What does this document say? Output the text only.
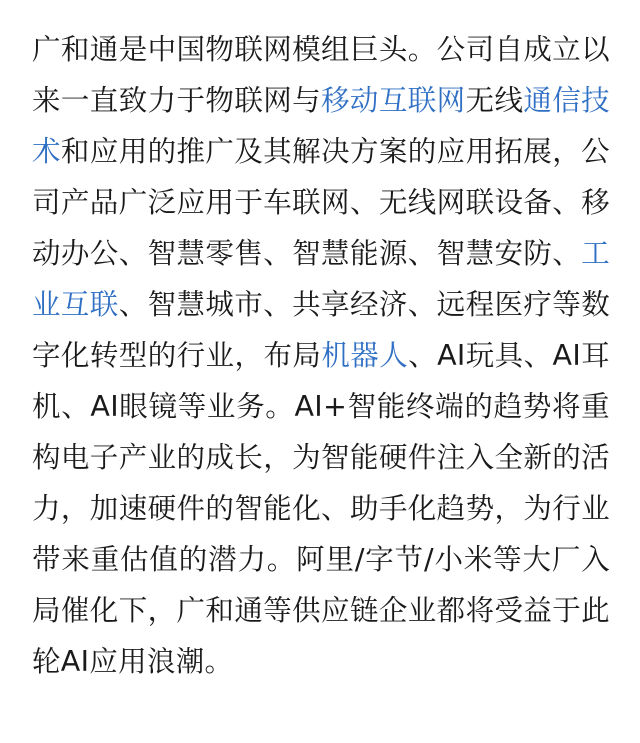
广和通是中国物联网模组巨头。公司自成立以来一直致力于物联网与移动互联网无线通信技术和应用的推广及其解决方案的应用拓展，公司产品广泛应用于车联网、无线网联设备、移动办公、智慧零售、智慧能源、智慧安防、工业互联、智慧城市、共享经济、远程医疗等数字化转型的行业，布局机器人、AI玩具、AI耳机、AI眼镜等业务。AI+智能终端的趋势将重构电子产业的成长，为智能硬件注入全新的活力，加速硬件的智能化、助手化趋势，为行业带来重估值的潜力。阿里/字节/小米等大厂入局催化下，广和通等供应链企业都将受益于此轮AI应用浪潮。
